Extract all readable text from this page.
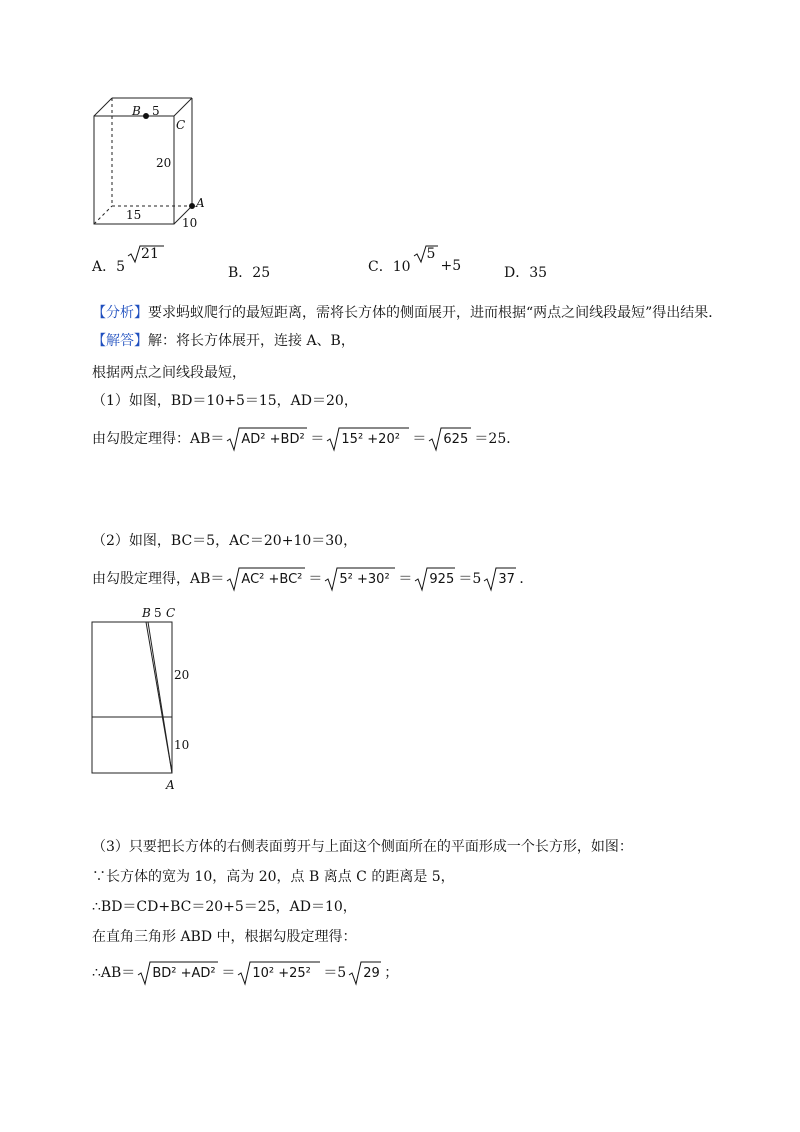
B 5
C
20
A
15
10
A．5
21
B．25	C．10
5
+5	D．35
【分析】要求蚂蚁爬行的最短距离，需将长方体的侧面展开，进而根据“两点之间线段最短”得出结果．
【解答】解：将长方体展开，连接 A、B，
根据两点之间线段最短，
（1）如图，BD＝10+5＝15，AD＝20，
由勾股定理得：AB＝ AD² +BD² ＝ 15² +20² ＝ 625 ＝25．
（2）如图，BC＝5，AC＝20+10＝30，
由勾股定理得，AB＝ AC² +BC² ＝ 5² +30² ＝ 925 ＝5 37 ．
B 5 C
20
10
A
（3）只要把长方体的右侧表面剪开与上面这个侧面所在的平面形成一个长方形，如图：
∵长方体的宽为 10，高为 20，点 B 离点 C 的距离是 5，
∴BD＝CD+BC＝20+5＝25，AD＝10，
在直角三角形 ABD 中，根据勾股定理得：
∴AB＝ BD² +AD² ＝ 10² +25² ＝5 29 ；
